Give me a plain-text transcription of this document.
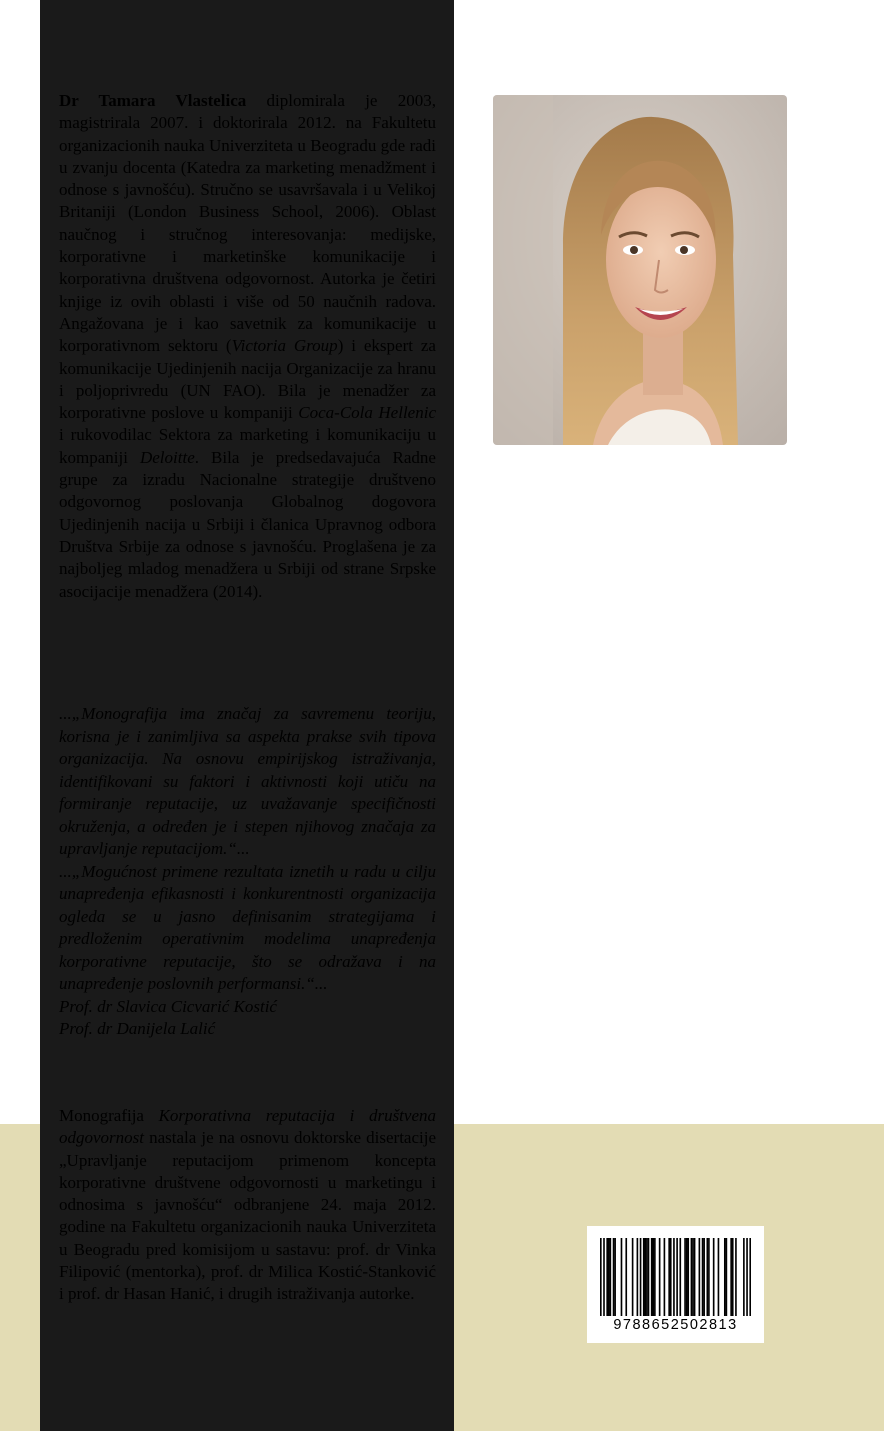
Dr Tamara Vlastelica diplomirala je 2003, magistrirala 2007. i doktorirala 2012. na Fakultetu organizacionih nauka Univerziteta u Beogradu gde radi u zvanju docenta (Katedra za marketing menadžment i odnose s javnošću). Stručno se usavršavala i u Velikoj Britaniji (London Business School, 2006). Oblast naučnog i stručnog interesovanja: medijske, korporativne i marketinške komunikacije i korporativna društvena odgovornost. Autorka je četiri knjige iz ovih oblasti i više od 50 naučnih radova. Angažovana je i kao savetnik za komunikacije u korporativnom sektoru (Victoria Group) i ekspert za komunikacije Ujedinjenih nacija Organizacije za hranu i poljoprivredu (UN FAO). Bila je menadžer za korporativne poslove u kompaniji Coca-Cola Hellenic i rukovodilac Sektora za marketing i komunikaciju u kompaniji Deloitte. Bila je predsedavajuća Radne grupe za izradu Nacionalne strategije društveno odgovornog poslovanja Globalnog dogovora Ujedinjenih nacija u Srbiji i članica Upravnog odbora Društva Srbije za odnose s javnošću. Proglašena je za najboljeg mladog menadžera u Srbiji od strane Srpske asocijacije menadžera (2014).

...„Monografija ima značaj za savremenu teoriju, korisna je i zanimljiva sa aspekta prakse svih tipova organizacija. Na osnovu empirijskog istraživanja, identifikovani su faktori i aktivnosti koji utiču na formiranje reputacije, uz uvažavanje specifičnosti okruženja, a određen je i stepen njihovog značaja za upravljanje reputacijom.“...

...„Mogućnost primene rezultata iznetih u radu u cilju unapređenja efikasnosti i konkurentnosti organizacija ogleda se u jasno definisanim strategijama i predloženim operativnim modelima unapređenja korporativne reputacije, što se odražava i na unapređenje poslovnih performansi.“...

Prof. dr Slavica Cicvarić Kostić

Prof. dr Danijela Lalić

Monografija Korporativna reputacija i društvena odgovornost nastala je na osnovu doktorske disertacije „Upravljanje reputacijom primenom koncepta korporativne društvene odgovornosti u marketingu i odnosima s javnošću“ odbranjene 24. maja 2012. godine na Fakultetu organizacionih nauka Univerziteta u Beogradu pred komisijom u sastavu: prof. dr Vinka Filipović (mentorka), prof. dr Milica Kostić-Stanković i prof. dr Hasan Hanić, i drugih istraživanja autorke.
9788652502813
